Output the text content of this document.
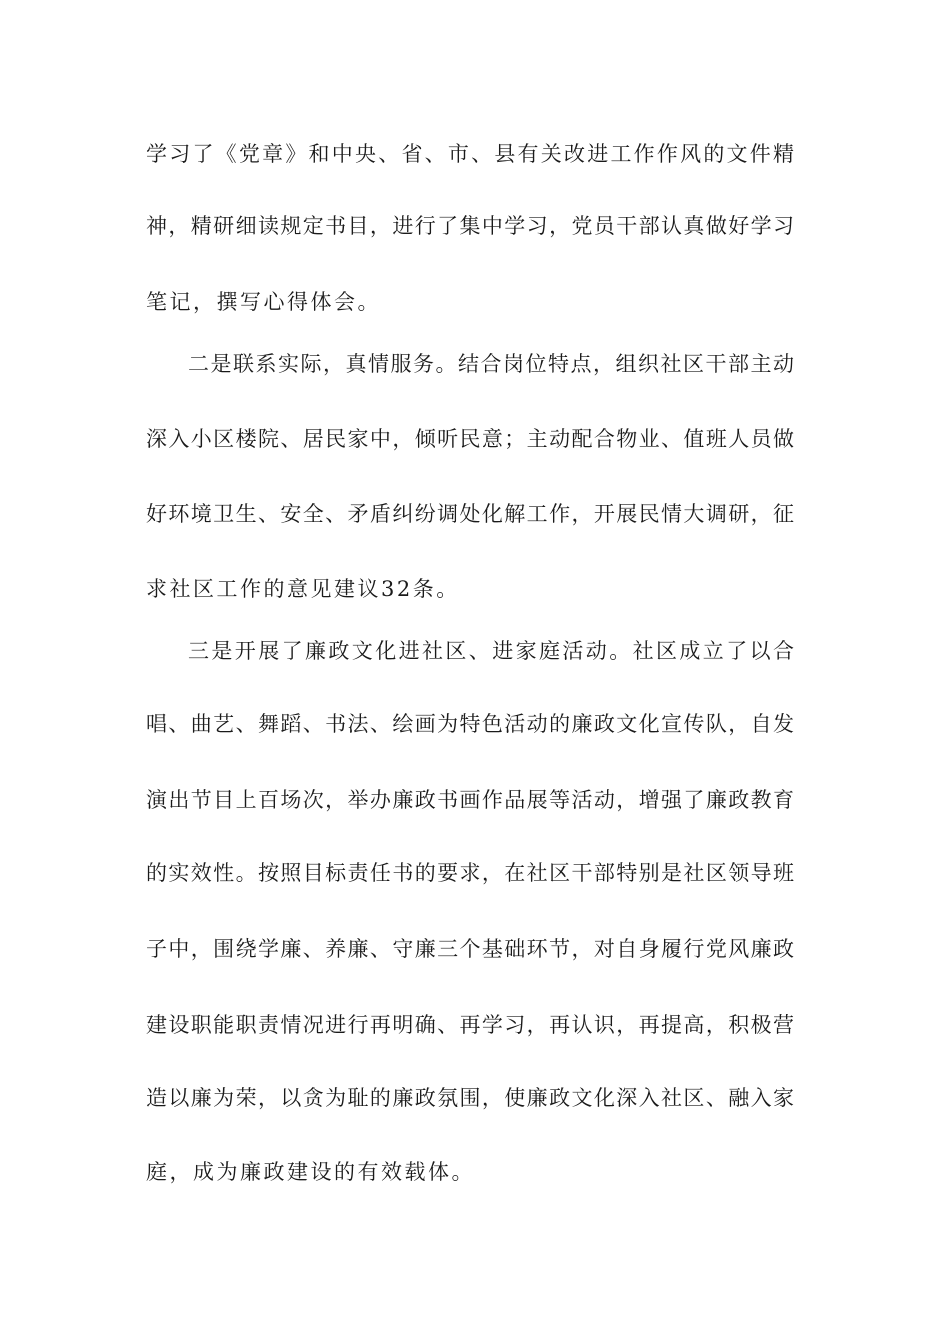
学习了《党章》和中央、省、市、县有关改进工作作风的文件精
神，精研细读规定书目，进行了集中学习，党员干部认真做好学习
笔记，撰写心得体会。
二是联系实际，真情服务。结合岗位特点，组织社区干部主动
深入小区楼院、居民家中，倾听民意；主动配合物业、值班人员做
好环境卫生、安全、矛盾纠纷调处化解工作，开展民情大调研，征
求社区工作的意见建议32条。
三是开展了廉政文化进社区、进家庭活动。社区成立了以合
唱、曲艺、舞蹈、书法、绘画为特色活动的廉政文化宣传队，自发
演出节目上百场次，举办廉政书画作品展等活动，增强了廉政教育
的实效性。按照目标责任书的要求，在社区干部特别是社区领导班
子中，围绕学廉、养廉、守廉三个基础环节，对自身履行党风廉政
建设职能职责情况进行再明确、再学习，再认识，再提高，积极营
造以廉为荣，以贪为耻的廉政氛围，使廉政文化深入社区、融入家
庭，成为廉政建设的有效载体。
